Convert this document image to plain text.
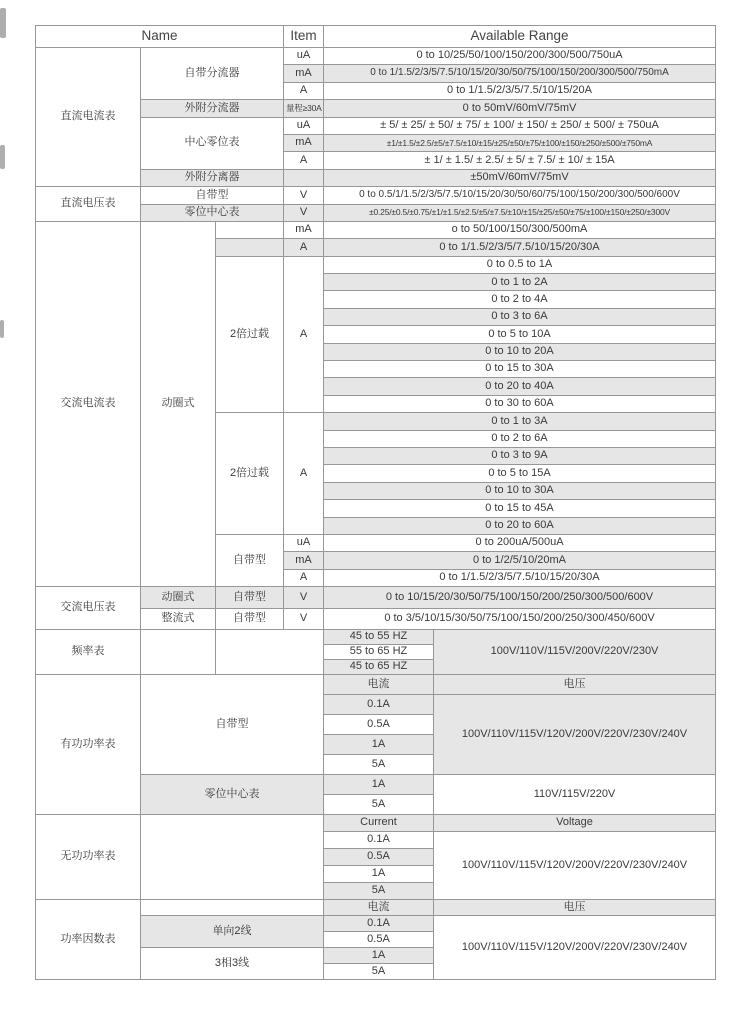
Name			Item	Available Range	
直流电流表	自带分流器		uA	0 to 10/25/50/100/150/200/300/500/750uA	
			mA	0 to 1/1.5/2/3/5/7.5/10/15/20/30/50/75/100/150/200/300/500/750mA	
			A	0 to 1/1.5/2/3/5/7.5/10/15/20A	
	外附分流器		量程≥30A	0 to 50mV/60mV/75mV	
	中心零位表		uA	± 5/ ± 25/ ± 50/ ± 75/ ± 100/ ± 150/ ± 250/ ± 500/ ± 750uA	
			mA	±1/±1.5/±2.5/±5/±7.5/±10/±15/±25/±50/±75/±100/±150/±250/±500/±750mA	
			A	± 1/ ± 1.5/ ± 2.5/ ± 5/ ± 7.5/ ± 10/ ± 15A	
	外附分离器			±50mV/60mV/75mV	
直流电压表	自带型		V	0 to 0.5/1/1.5/2/3/5/7.5/10/15/20/30/50/60/75/100/150/200/300/500/600V	
	零位中心表		V	±0.25/±0.5/±0.75/±1/±1.5/±2.5/±5/±7.5/±10/±15/±25/±50/±75/±100/±150/±250/±300V	
交流电流表	动圈式		mA	o to 50/100/150/300/500mA	
			A	0 to 1/1.5/2/3/5/7.5/10/15/20/30A	
		2倍过载	A	0 to 0.5 to 1A	
				0 to 1 to 2A	
				0 to 2 to 4A	
				0 to 3 to 6A	
				0 to 5 to 10A	
				0 to 10 to 20A	
				0 to 15 to 30A	
				0 to 20 to 40A	
				0 to 30 to 60A	
		2倍过载	A	0 to 1 to 3A	
				0 to 2 to 6A	
				0 to 3 to 9A	
				0 to 5 to 15A	
				0 to 10 to 30A	
				0 to 15 to 45A	
				0 to 20 to 60A	
		自带型	uA	0 to 200uA/500uA	
			mA	0 to 1/2/5/10/20mA	
			A	0 to 1/1.5/2/3/5/7.5/10/15/20/30A	
交流电压表	动圈式	自带型	V	0 to 10/15/20/30/50/75/100/150/200/250/300/500/600V	
	整流式	自带型	V	0 to 3/5/10/15/30/50/75/100/150/200/250/300/450/600V	
频率表				45 to 55 HZ	100V/110V/115V/200V/220V/230V
				55 to 65 HZ	
				45 to 65 HZ	
有功功率表	自带型			电流	电压
				0.1A	100V/110V/115V/120V/200V/220V/230V/240V
				0.5A	
				1A	
				5A	
	零位中心表			1A	110V/115V/220V
				5A	
无功功率表				Current	Voltage
				0.1A	100V/110V/115V/120V/200V/220V/230V/240V
				0.5A	
				1A	
				5A	
功率因数表				电流	电压
	单向2线			0.1A	100V/110V/115V/120V/200V/220V/230V/240V
				0.5A	
	3相3线			1A	
				5A	
